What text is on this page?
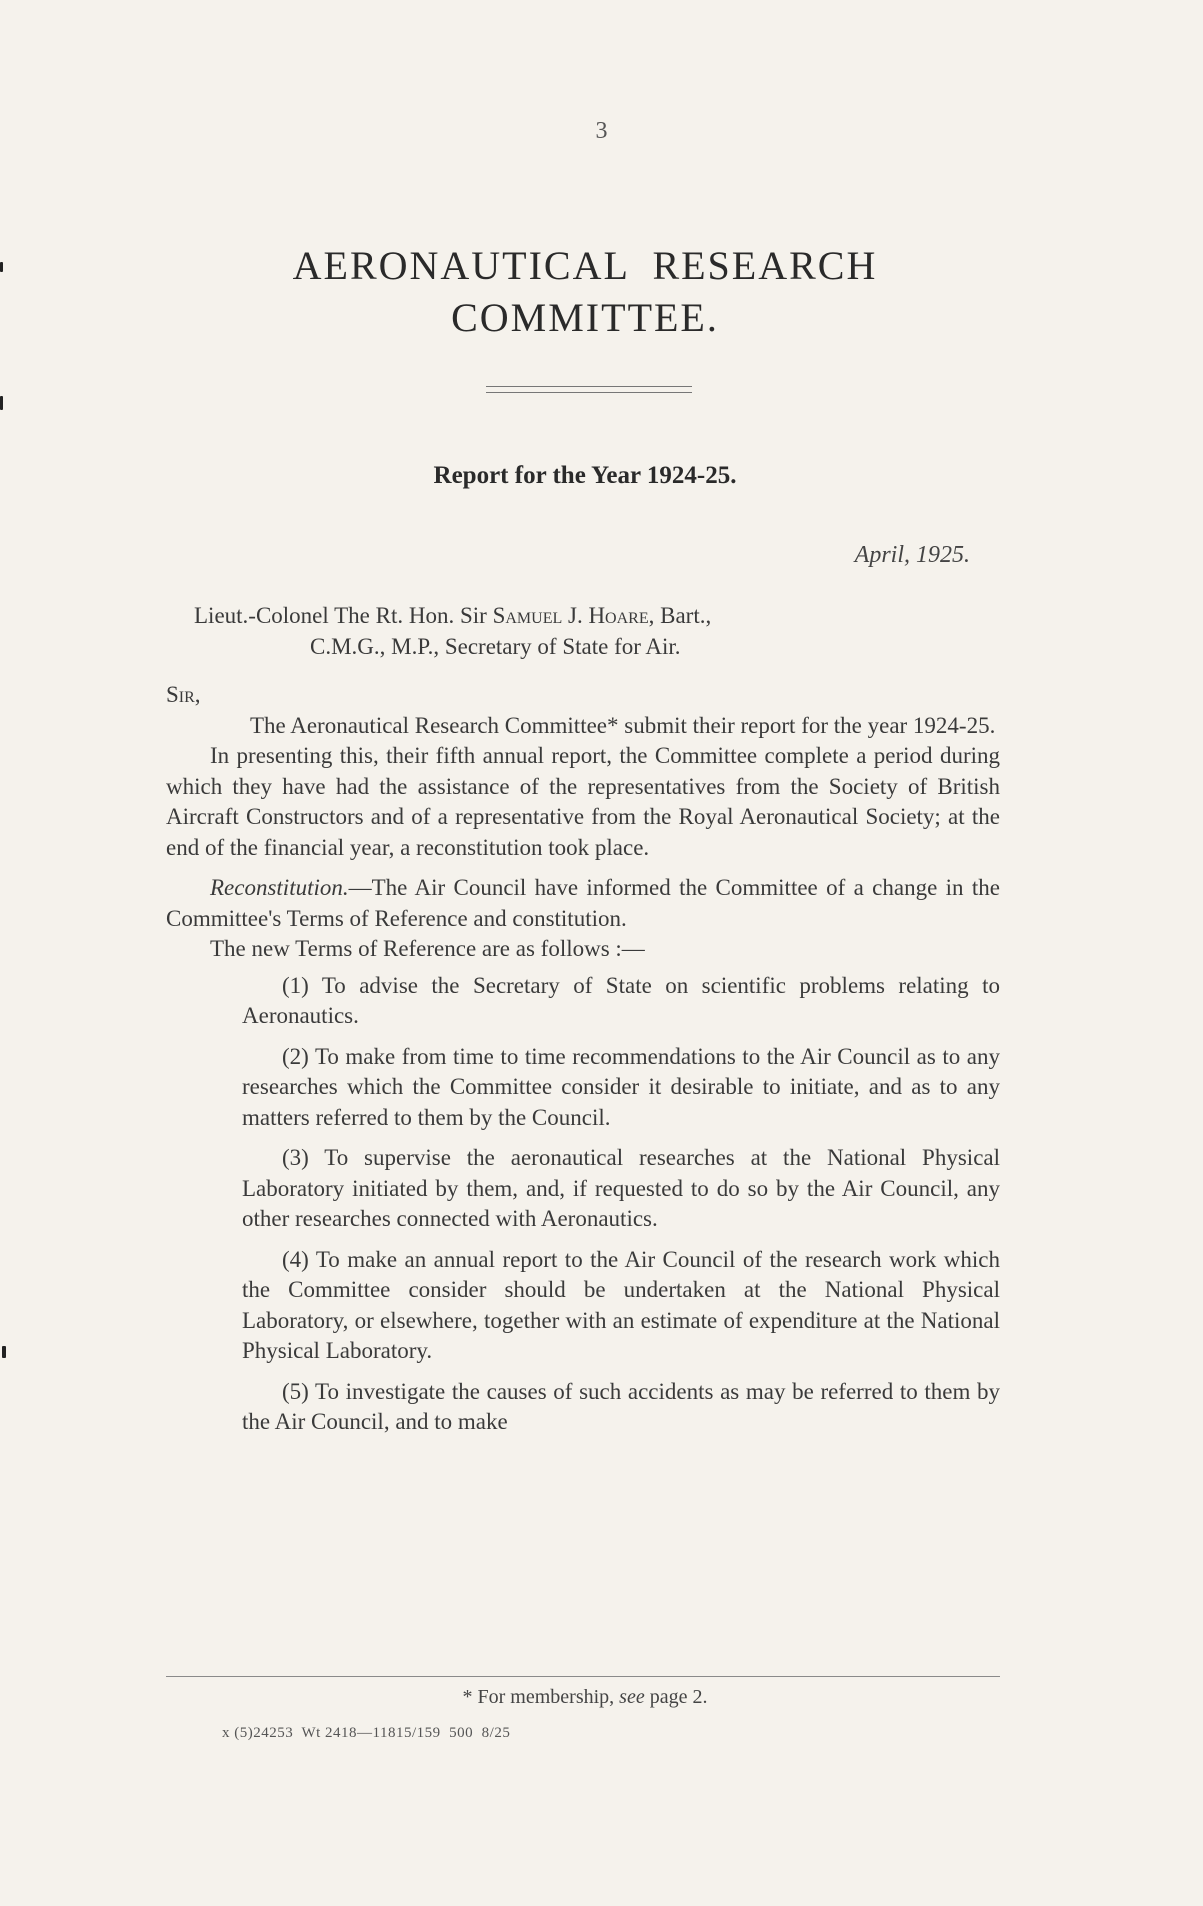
3
AERONAUTICAL  RESEARCH
COMMITTEE.
Report for the Year 1924-25.
April, 1925.
Lieut.-Colonel The Rt. Hon. Sir Samuel J. Hoare, Bart.,
C.M.G., M.P., Secretary of State for Air.

Sir,

The Aeronautical Research Committee* submit their report for the year 1924-25.

In presenting this, their fifth annual report, the Committee complete a period during which they have had the assistance of the representatives from the Society of British Aircraft Constructors and of a representative from the Royal Aeronautical Society; at the end of the financial year, a reconstitution took place.

Reconstitution.—The Air Council have informed the Committee of a change in the Committee's Terms of Reference and constitution.

The new Terms of Reference are as follows :—

(1) To advise the Secretary of State on scientific problems relating to Aeronautics.

(2) To make from time to time recommendations to the Air Council as to any researches which the Committee consider it desirable to initiate, and as to any matters referred to them by the Council.

(3) To supervise the aeronautical researches at the National Physical Laboratory initiated by them, and, if requested to do so by the Air Council, any other researches connected with Aeronautics.

(4) To make an annual report to the Air Council of the research work which the Committee consider should be undertaken at the National Physical Laboratory, or elsewhere, together with an estimate of expenditure at the National Physical Laboratory.

(5) To investigate the causes of such accidents as may be referred to them by the Air Council, and to make

* For membership, see page 2.
x (5)24253  Wt 2418—11815/159  500  8/25
